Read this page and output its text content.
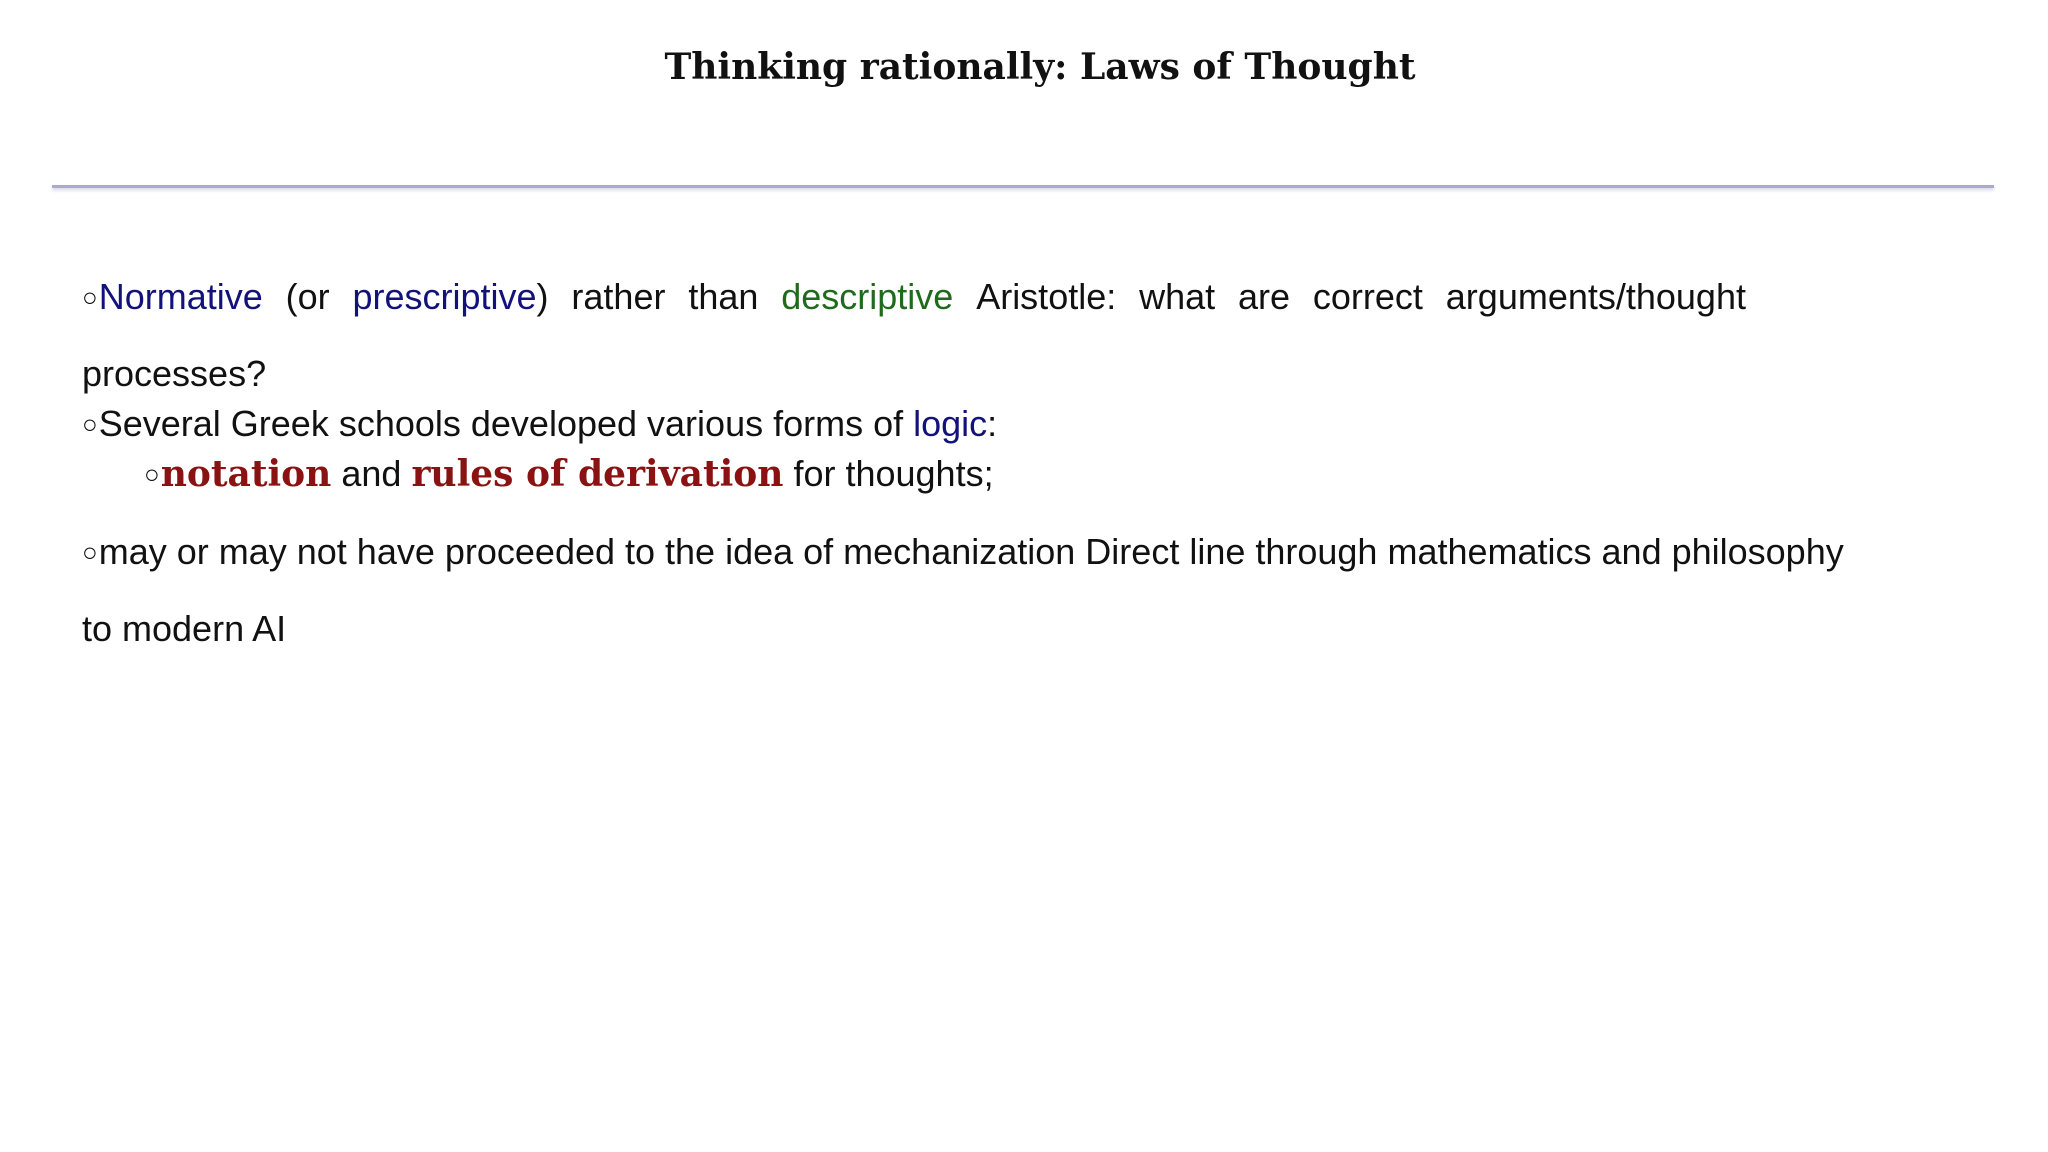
Thinking rationally: Laws of Thought
○Normative (or prescriptive) rather than descriptive Aristotle: what are correct arguments/thought
processes?
○Several Greek schools developed various forms of logic:
○notation and rules of derivation for thoughts;
○may or may not have proceeded to the idea of mechanization Direct line through mathematics and philosophy
to modern AI
